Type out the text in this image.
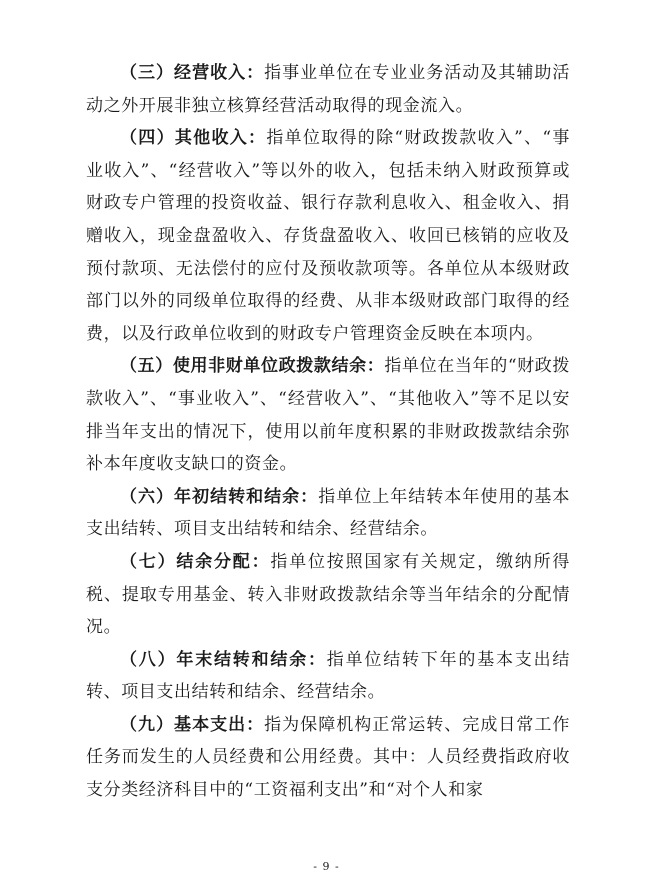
（三）经营收入：指事业单位在专业业务活动及其辅助活动之外开展非独立核算经营活动取得的现金流入。

（四）其他收入：指单位取得的除“财政拨款收入”、“事业收入”、“经营收入”等以外的收入，包括未纳入财政预算或财政专户管理的投资收益、银行存款利息收入、租金收入、捐赠收入，现金盘盈收入、存货盘盈收入、收回已核销的应收及预付款项、无法偿付的应付及预收款项等。各单位从本级财政部门以外的同级单位取得的经费、从非本级财政部门取得的经费，以及行政单位收到的财政专户管理资金反映在本项内。

（五）使用非财单位政拨款结余：指单位在当年的“财政拨款收入”、“事业收入”、“经营收入”、“其他收入”等不足以安排当年支出的情况下，使用以前年度积累的非财政拨款结余弥补本年度收支缺口的资金。

（六）年初结转和结余：指单位上年结转本年使用的基本支出结转、项目支出结转和结余、经营结余。

（七）结余分配：指单位按照国家有关规定，缴纳所得税、提取专用基金、转入非财政拨款结余等当年结余的分配情况。

（八）年末结转和结余：指单位结转下年的基本支出结转、项目支出结转和结余、经营结余。

（九）基本支出：指为保障机构正常运转、完成日常工作任务而发生的人员经费和公用经费。其中：人员经费指政府收支分类经济科目中的“工资福利支出”和“对个人和家

- 9 -
